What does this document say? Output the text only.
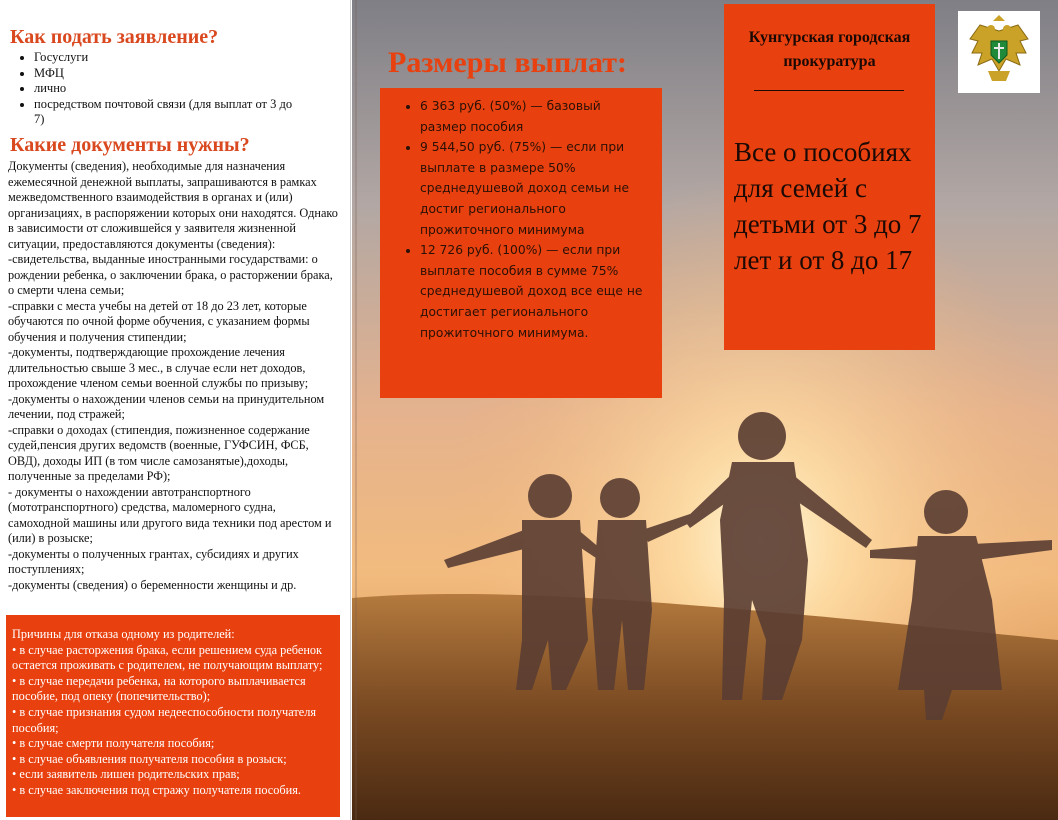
Как подать заявление?
• Госуслуги
• МФЦ
• лично
• посредством почтовой связи (для выплат от 3 до 7)
Какие документы нужны?

Документы (сведения), необходимые для назначения ежемесячной денежной выплаты, запрашиваются в рамках межведомственного взаимодействия в органах и (или) организациях, в распоряжении которых они находятся. Однако в зависимости от сложившейся у заявителя жизненной ситуации, предоставляются документы (сведения):

-свидетельства, выданные иностранными государствами: о рождении ребенка, о заключении брака, о расторжении брака, о смерти члена семьи;

-справки с места учебы на детей от 18 до 23 лет, которые обучаются по очной форме обучения, с указанием формы обучения и получения стипендии;

-документы, подтверждающие прохождение лечения длительностью свыше 3 мес., в случае если нет доходов, прохождение членом семьи военной службы по призыву;

-документы о нахождении членов семьи на принудительном лечении, под стражей;

-справки о доходах (стипендия, пожизненное содержание судей,пенсия других ведомств (военные, ГУФСИН, ФСБ, ОВД), доходы ИП (в том числе самозанятые),доходы, полученные за пределами РФ);

- документы о нахождении автотранспортного (мототранспортного) средства, маломерного судна, самоходной машины или другого вида техники под арестом и (или) в розыске;

-документы о полученных грантах, субсидиях и других поступлениях;

-документы (сведения) о беременности женщины и др.

Причины для отказа одному из родителей:

• в случае расторжения брака, если решением суда ребенок остается проживать с родителем, не получающим выплату;

• в случае передачи ребенка, на которого выплачивается пособие, под опеку (попечительство);

• в случае признания судом недееспособности получателя пособия;

• в случае смерти получателя пособия;

• в случае объявления получателя пособия в розыск;

• если заявитель лишен родительских прав;

• в случае заключения под стражу получателя пособия.

Размеры выплат:
• 6 363 руб. (50%) — базовый размер пособия
• 9 544,50 руб. (75%) — если при выплате в размере 50% среднедушевой доход семьи не достиг регионального прожиточного минимума
• 12 726 руб. (100%) — если при выплате пособия в сумме 75% среднедушевой доход все еще не достигает регионального прожиточного минимума.

Кунгурская городская прокуратура

Все о пособиях для семей с детьми от 3 до 7 лет и от 8 до 17
